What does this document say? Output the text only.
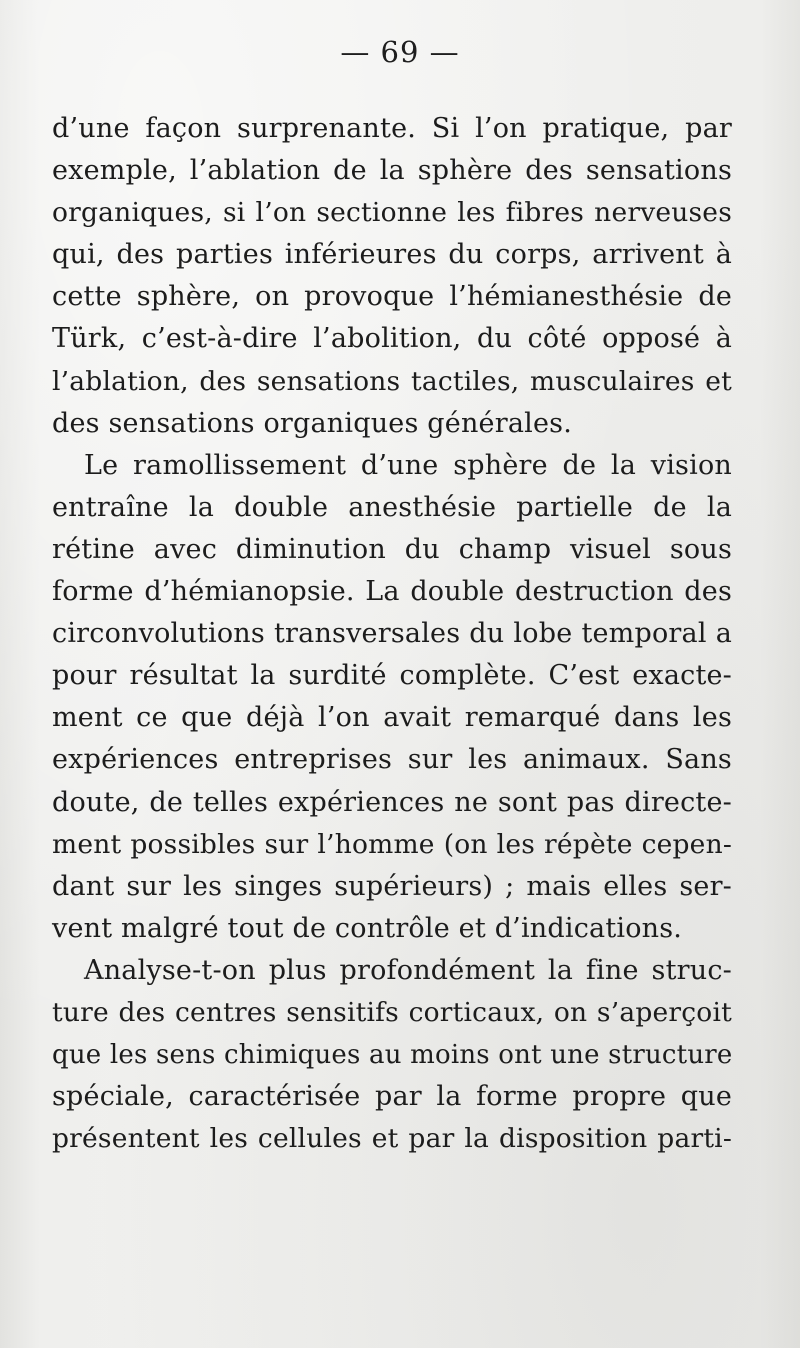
— 69 —
d’une façon surprenante. Si l’on pratique, par
exemple, l’ablation de la sphère des sensations
organiques, si l’on sectionne les fibres nerveuses
qui, des parties inférieures du corps, arrivent à
cette sphère, on provoque l’hémianesthésie de
Türk, c’est-à-dire l’abolition, du côté opposé à
l’ablation, des sensations tactiles, musculaires et
des sensations organiques générales.
Le ramollissement d’une sphère de la vision
entraîne la double anesthésie partielle de la
rétine avec diminution du champ visuel sous
forme d’hémianopsie. La double destruction des
circonvolutions transversales du lobe temporal a
pour résultat la surdité complète. C’est exacte-
ment ce que déjà l’on avait remarqué dans les
expériences entreprises sur les animaux. Sans
doute, de telles expériences ne sont pas directe-
ment possibles sur l’homme (on les répète cepen-
dant sur les singes supérieurs) ; mais elles ser-
vent malgré tout de contrôle et d’indications.
Analyse-t-on plus profondément la fine struc-
ture des centres sensitifs corticaux, on s’aperçoit
que les sens chimiques au moins ont une structure
spéciale, caractérisée par la forme propre que
présentent les cellules et par la disposition parti-
